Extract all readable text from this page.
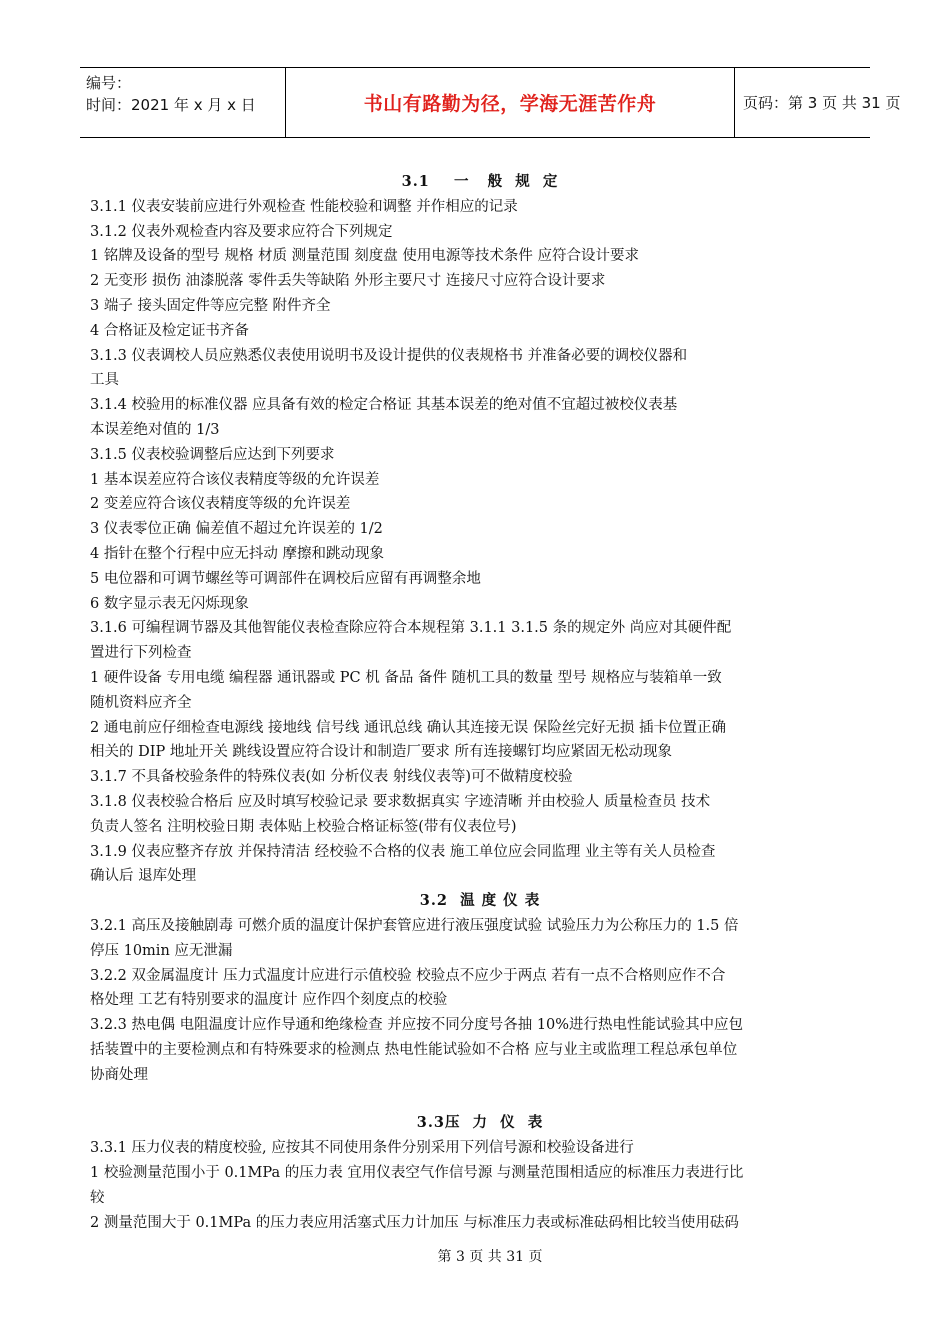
编号：
时间：2021 年 x 月 x 日	书山有路勤为径，学海无涯苦作舟	页码：第 3 页 共 31 页

3.1    一   般  规  定

3.1.1 仪表安装前应进行外观检查 性能校验和调整 并作相应的记录

3.1.2 仪表外观检查内容及要求应符合下列规定

1 铭牌及设备的型号 规格 材质 测量范围 刻度盘 使用电源等技术条件 应符合设计要求

2 无变形 损伤 油漆脱落 零件丢失等缺陷 外形主要尺寸 连接尺寸应符合设计要求

3 端子 接头固定件等应完整 附件齐全

4 合格证及检定证书齐备

3.1.3 仪表调校人员应熟悉仪表使用说明书及设计提供的仪表规格书 并准备必要的调校仪器和

工具

3.1.4 校验用的标准仪器 应具备有效的检定合格证 其基本误差的绝对值不宜超过被校仪表基

本误差绝对值的 1/3

3.1.5 仪表校验调整后应达到下列要求

1 基本误差应符合该仪表精度等级的允许误差

2 变差应符合该仪表精度等级的允许误差

3 仪表零位正确 偏差值不超过允许误差的 1/2

4 指针在整个行程中应无抖动 摩擦和跳动现象

5 电位器和可调节螺丝等可调部件在调校后应留有再调整余地

6 数字显示表无闪烁现象

3.1.6 可编程调节器及其他智能仪表检查除应符合本规程第 3.1.1 3.1.5 条的规定外 尚应对其硬件配

置进行下列检查

1 硬件设备 专用电缆 编程器 通讯器或 PC 机 备品 备件 随机工具的数量 型号 规格应与装箱单一致

随机资料应齐全

2 通电前应仔细检查电源线 接地线 信号线 通讯总线 确认其连接无误 保险丝完好无损 插卡位置正确

相关的 DIP 地址开关 跳线设置应符合设计和制造厂要求 所有连接螺钉均应紧固无松动现象

3.1.7 不具备校验条件的特殊仪表(如 分析仪表 射线仪表等)可不做精度校验

3.1.8 仪表校验合格后 应及时填写校验记录 要求数据真实 字迹清晰 并由校验人 质量检查员 技术

负责人签名 注明校验日期 表体贴上校验合格证标签(带有仪表位号)

3.1.9 仪表应整齐存放 并保持清洁 经校验不合格的仪表 施工单位应会同监理 业主等有关人员检查

确认后 退库处理

3.2  温 度 仪 表

3.2.1 高压及接触剧毒 可燃介质的温度计保护套管应进行液压强度试验 试验压力为公称压力的 1.5 倍

停压 10min 应无泄漏

3.2.2 双金属温度计 压力式温度计应进行示值校验 校验点不应少于两点 若有一点不合格则应作不合

格处理 工艺有特别要求的温度计 应作四个刻度点的校验

3.2.3 热电偶 电阻温度计应作导通和绝缘检查 并应按不同分度号各抽 10%进行热电性能试验其中应包

括装置中的主要检测点和有特殊要求的检测点 热电性能试验如不合格 应与业主或监理工程总承包单位

协商处理

3.3压  力  仪  表

3.3.1 压力仪表的精度校验, 应按其不同使用条件分别采用下列信号源和校验设备进行

1 校验测量范围小于 0.1MPa 的压力表 宜用仪表空气作信号源 与测量范围相适应的标准压力表进行比

较

2 测量范围大于 0.1MPa 的压力表应用活塞式压力计加压 与标准压力表或标准砝码相比较当使用砝码

第 3 页 共 31 页
